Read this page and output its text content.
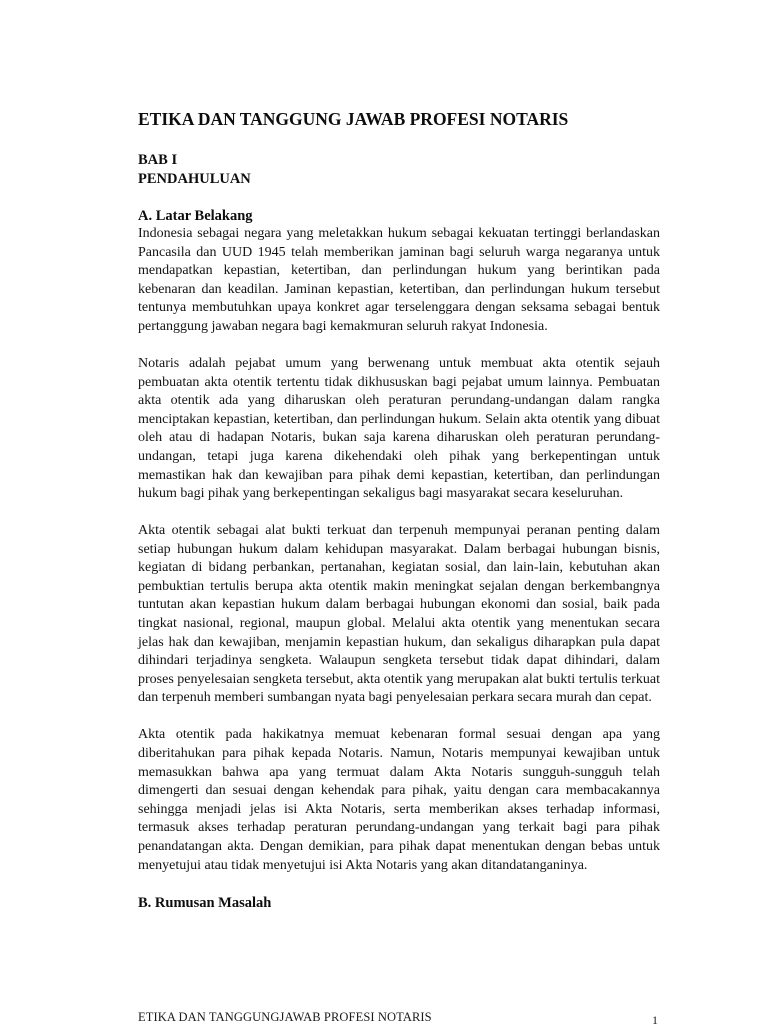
ETIKA DAN TANGGUNG JAWAB PROFESI NOTARIS
BAB I
PENDAHULUAN
A. Latar Belakang

Indonesia sebagai negara yang meletakkan hukum sebagai kekuatan tertinggi berlandaskan Pancasila dan UUD 1945 telah memberikan jaminan bagi seluruh warga negaranya untuk mendapatkan kepastian, ketertiban, dan perlindungan hukum yang berintikan pada kebenaran dan keadilan. Jaminan kepastian, ketertiban, dan perlindungan hukum tersebut tentunya membutuhkan upaya konkret agar terselenggara dengan seksama sebagai bentuk pertanggung jawaban negara bagi kemakmuran seluruh rakyat Indonesia.

Notaris adalah pejabat umum yang berwenang untuk membuat akta otentik sejauh pembuatan akta otentik tertentu tidak dikhususkan bagi pejabat umum lainnya. Pembuatan akta otentik ada yang diharuskan oleh peraturan perundang-undangan dalam rangka menciptakan kepastian, ketertiban, dan perlindungan hukum. Selain akta otentik yang dibuat oleh atau di hadapan Notaris, bukan saja karena diharuskan oleh peraturan perundang-undangan, tetapi juga karena dikehendaki oleh pihak yang berkepentingan untuk memastikan hak dan kewajiban para pihak demi kepastian, ketertiban, dan perlindungan hukum bagi pihak yang berkepentingan sekaligus bagi masyarakat secara keseluruhan.

Akta otentik sebagai alat bukti terkuat dan terpenuh mempunyai peranan penting dalam setiap hubungan hukum dalam kehidupan masyarakat. Dalam berbagai hubungan bisnis, kegiatan di bidang perbankan, pertanahan, kegiatan sosial, dan lain-lain, kebutuhan akan pembuktian tertulis berupa akta otentik makin meningkat sejalan dengan berkembangnya tuntutan akan kepastian hukum dalam berbagai hubungan ekonomi dan sosial, baik pada tingkat nasional, regional, maupun global. Melalui akta otentik yang menentukan secara jelas hak dan kewajiban, menjamin kepastian hukum, dan sekaligus diharapkan pula dapat dihindari terjadinya sengketa. Walaupun sengketa tersebut tidak dapat dihindari, dalam proses penyelesaian sengketa tersebut, akta otentik yang merupakan alat bukti tertulis terkuat dan terpenuh memberi sumbangan nyata bagi penyelesaian perkara secara murah dan cepat.

Akta otentik pada hakikatnya memuat kebenaran formal sesuai dengan apa yang diberitahukan para pihak kepada Notaris. Namun, Notaris mempunyai kewajiban untuk memasukkan bahwa apa yang termuat dalam Akta Notaris sungguh-sungguh telah dimengerti dan sesuai dengan kehendak para pihak, yaitu dengan cara membacakannya sehingga menjadi jelas isi Akta Notaris, serta memberikan akses terhadap informasi, termasuk akses terhadap peraturan perundang-undangan yang terkait bagi para pihak penandatangan akta. Dengan demikian, para pihak dapat menentukan dengan bebas untuk menyetujui atau tidak menyetujui isi Akta Notaris yang akan ditandatanganinya.

B. Rumusan Masalah
ETIKA DAN TANGGUNGJAWAB PROFESI NOTARIS	1
